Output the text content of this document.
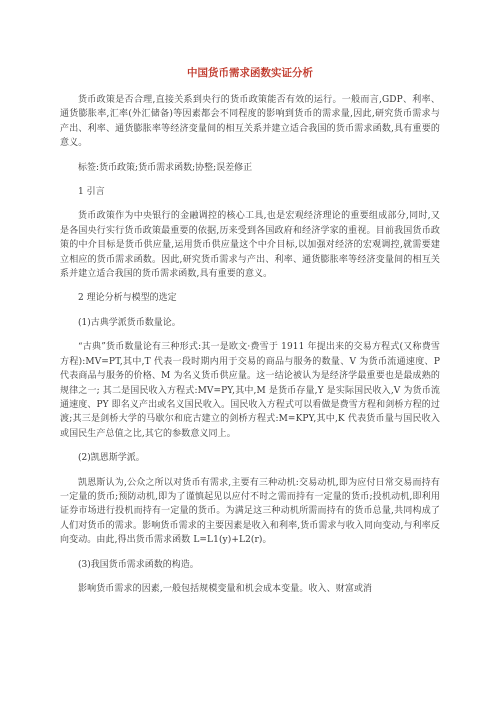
中国货币需求函数实证分析
货币政策是否合理,直接关系到央行的货币政策能否有效的运行。一般而言,GDP、利率、通货膨胀率,汇率(外汇储备)等因素都会不同程度的影响到货币的需求量,因此,研究货币需求与产出、利率、通货膨胀率等经济变量间的相互关系并建立适合我国的货币需求函数,具有重要的意义。
标签:货币政策;货币需求函数;协整;误差修正
1 引言
货币政策作为中央银行的金融调控的核心工具,也是宏观经济理论的重要组成部分,同时,又是各国央行实行货币政策最重要的依据,历来受到各国政府和经济学家的重视。目前我国货币政策的中介目标是货币供应量,运用货币供应量这个中介目标,以加强对经济的宏观调控,就需要建立相应的货币需求函数。因此,研究货币需求与产出、利率、通货膨胀率等经济变量间的相互关系并建立适合我国的货币需求函数,具有重要的意义。
2 理论分析与模型的选定
(1)古典学派货币数量论。
“古典”货币数量论有三种形式:其一是欧文·费雪于 1911 年提出来的交易方程式(又称费雪方程):MV=PT,其中,T 代表一段时期内用于交易的商品与服务的数量、V 为货币流通速度、P 代表商品与服务的价格、M 为名义货币供应量。这一结论被认为是经济学最重要也是最成熟的规律之一; 其二是国民收入方程式:MV=PY,其中,M 是货币存量,Y 是实际国民收入,V 为货币流通速度、PY 即名义产出或名义国民收入。国民收入方程式可以看做是费雪方程和剑桥方程的过渡;其三是剑桥大学的马歇尔和庇古建立的剑桥方程式:M=KPY,其中,K 代表货币量与国民收入或国民生产总值之比,其它的参数意义同上。
(2)凯恩斯学派。
凯恩斯认为,公众之所以对货币有需求,主要有三种动机:交易动机,即为应付日常交易而持有一定量的货币;预防动机,即为了谨慎起见以应付不时之需而持有一定量的货币;投机动机,即利用证券市场进行投机而持有一定量的货币。为满足这三种动机所需而持有的货币总量,共同构成了人们对货币的需求。影响货币需求的主要因素是收入和利率,货币需求与收入同向变动,与利率反向变动。由此,得出货币需求函数 L=L1(y)+L2(r)。
(3)我国货币需求函数的构造。
影响货币需求的因素,一般包括规模变量和机会成本变量。收入、财富或消
